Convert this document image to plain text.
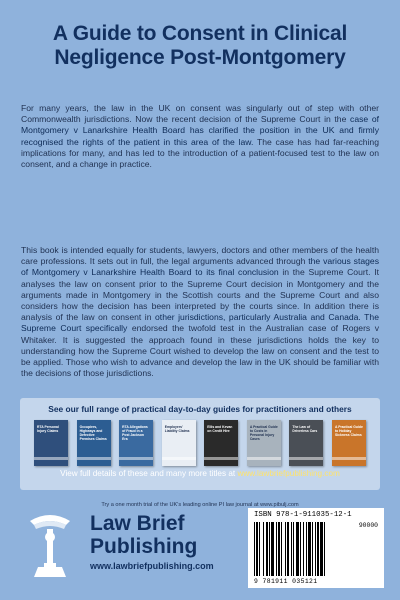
A Guide to Consent in Clinical
Negligence Post-Montgomery

For many years, the law in the UK on consent was singularly out of step with other Commonwealth jurisdictions. Now the recent decision of the Supreme Court in the case of Montgomery v Lanarkshire Health Board has clarified the position in the UK and firmly recognised the rights of the patient in this area of the law. The case has had far-reaching implications for many, and has led to the introduction of a patient-focused test to the law on consent, and a change in practice.

This book is intended equally for students, lawyers, doctors and other members of the health care professions. It sets out in full, the legal arguments advanced through the various stages of Montgomery v Lanarkshire Health Board to its final conclusion in the Supreme Court. It analyses the law on consent prior to the Supreme Court decision in Montgomery and the arguments made in Montgomery in the Scottish courts and the Supreme Court and also considers how the decision has been interpreted by the courts since. In addition there is analysis of the law on consent in other jurisdictions, particularly Australia and Canada. The Supreme Court specifically endorsed the twofold test in the Australian case of Rogers v Whitaker. It is suggested the approach found in these jurisdictions holds the key to understanding how the Supreme Court wished to develop the law on consent and the test to be applied. Those who wish to advance and develop the law in the UK should be familiar with the decisions of those jurisdictions.

See our full range of practical day-to-day guides for practitioners and others
RTA Personal Injury Claims
Occupiers, Highways and Defective Premises Claims
RTA Allegations of Fraud in a Post Jackson Era
Employers' Liability Claims
Ellis and Kevan on Credit Hire
A Practical Guide to Costs in Personal Injury Cases
The Law of Driverless Cars
A Practical Guide to Holiday Sickness Claims
View full details of these and many more titles at www.lawbriefpublishing.com
Try a one month trial of the UK's leading online PI law journal at www.pibulj.com
Law Brief
Publishing
www.lawbriefpublishing.com
ISBN 978-1-911035-12-1
90000
9 781911 035121
